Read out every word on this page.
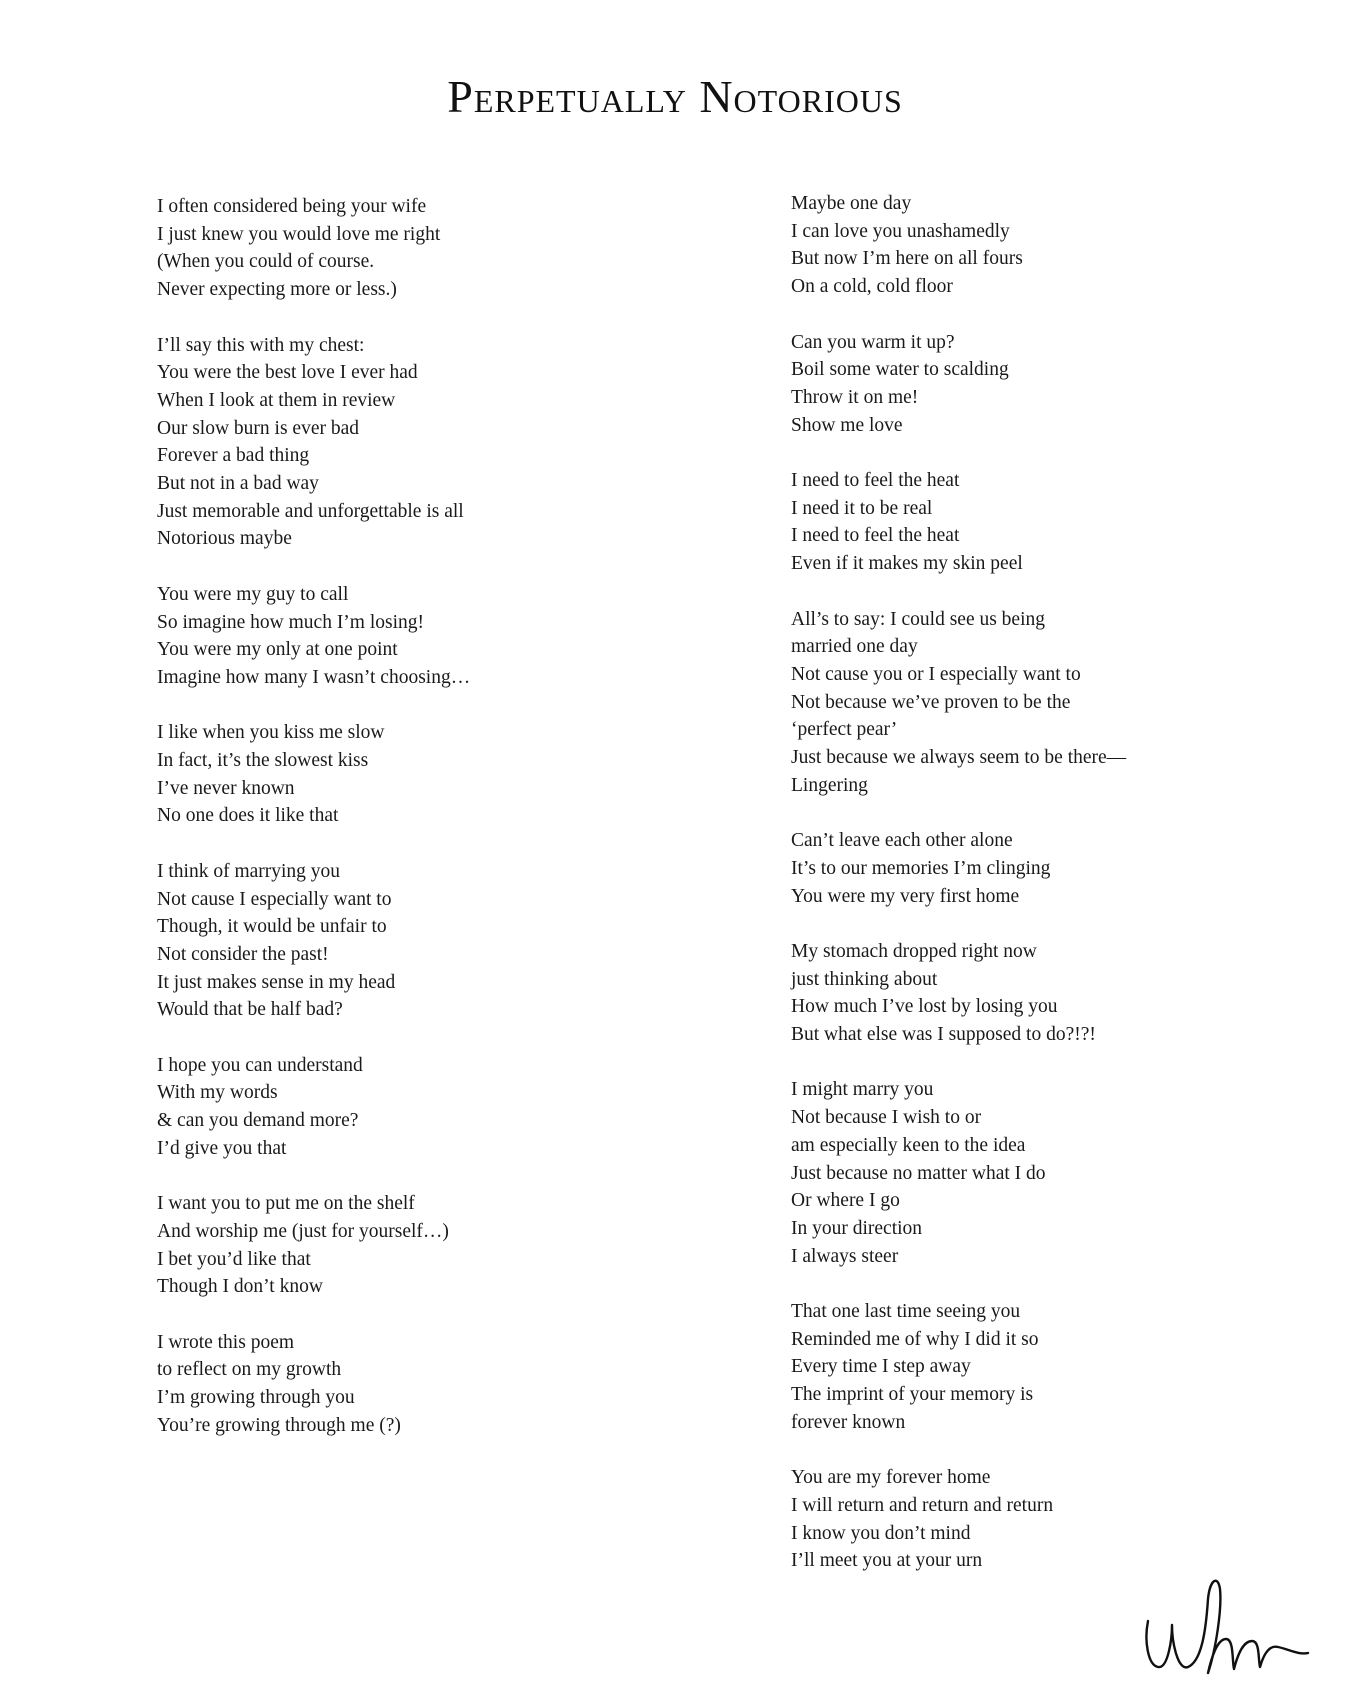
Perpetually Notorious
I often considered being your wife
I just knew you would love me right
(When you could of course.
Never expecting more or less.)
I’ll say this with my chest:
You were the best love I ever had
When I look at them in review
Our slow burn is ever bad
Forever a bad thing
But not in a bad way
Just memorable and unforgettable is all
Notorious maybe
You were my guy to call
So imagine how much I’m losing!
You were my only at one point
Imagine how many I wasn’t choosing…
I like when you kiss me slow
In fact, it’s the slowest kiss
I’ve never known
No one does it like that
I think of marrying you
Not cause I especially want to
Though, it would be unfair to
Not consider the past!
It just makes sense in my head
Would that be half bad?
I hope you can understand
With my words
& can you demand more?
I’d give you that
I want you to put me on the shelf
And worship me (just for yourself…)
I bet you’d like that
Though I don’t know
I wrote this poem
to reflect on my growth
I’m growing through you
You’re growing through me (?)
Maybe one day
I can love you unashamedly
But now I’m here on all fours
On a cold, cold floor
Can you warm it up?
Boil some water to scalding
Throw it on me!
Show me love
I need to feel the heat
I need it to be real
I need to feel the heat
Even if it makes my skin peel
All’s to say: I could see us being
married one day
Not cause you or I especially want to
Not because we’ve proven to be the
‘perfect pear’
Just because we always seem to be there—
Lingering
Can’t leave each other alone
It’s to our memories I’m clinging
You were my very first home
My stomach dropped right now
just thinking about
How much I’ve lost by losing you
But what else was I supposed to do?!?!
I might marry you
Not because I wish to or
am especially keen to the idea
Just because no matter what I do
Or where I go
In your direction
I always steer
That one last time seeing you
Reminded me of why I did it so
Every time I step away
The imprint of your memory is
forever known
You are my forever home
I will return and return and return
I know you don’t mind
I’ll meet you at your urn
